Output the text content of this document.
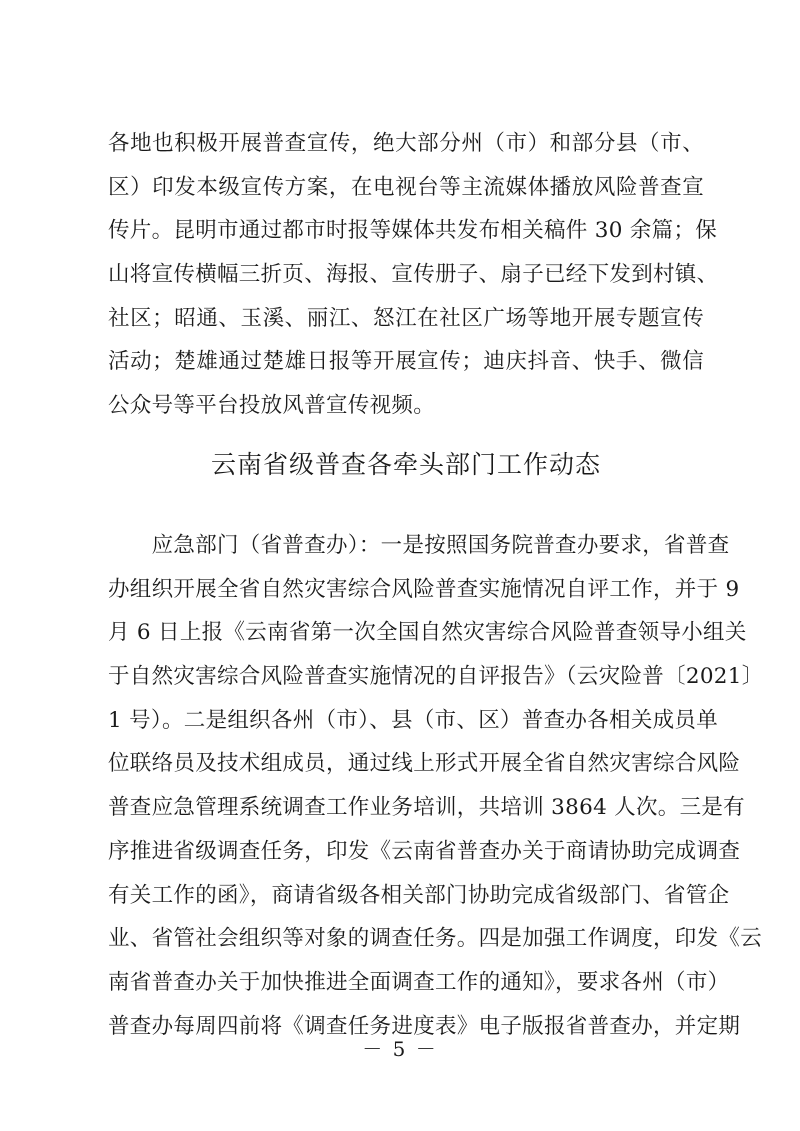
各地也积极开展普查宣传，绝大部分州（市）和部分县（市、
区）印发本级宣传方案，在电视台等主流媒体播放风险普查宣
传片。昆明市通过都市时报等媒体共发布相关稿件 30 余篇；保
山将宣传横幅三折页、海报、宣传册子、扇子已经下发到村镇、
社区；昭通、玉溪、丽江、怒江在社区广场等地开展专题宣传
活动；楚雄通过楚雄日报等开展宣传；迪庆抖音、快手、微信
公众号等平台投放风普宣传视频。
云南省级普查各牵头部门工作动态
　　应急部门（省普查办）：一是按照国务院普查办要求，省普查
办组织开展全省自然灾害综合风险普查实施情况自评工作，并于 9
月 6 日上报《云南省第一次全国自然灾害综合风险普查领导小组关
于自然灾害综合风险普查实施情况的自评报告》（云灾险普〔2021〕
1 号）。二是组织各州（市）、县（市、区）普查办各相关成员单
位联络员及技术组成员，通过线上形式开展全省自然灾害综合风险
普查应急管理系统调查工作业务培训，共培训 3864 人次。三是有
序推进省级调查任务，印发《云南省普查办关于商请协助完成调查
有关工作的函》，商请省级各相关部门协助完成省级部门、省管企
业、省管社会组织等对象的调查任务。四是加强工作调度，印发《云
南省普查办关于加快推进全面调查工作的通知》，要求各州（市）
普查办每周四前将《调查任务进度表》电子版报省普查办，并定期
－ 5 －
